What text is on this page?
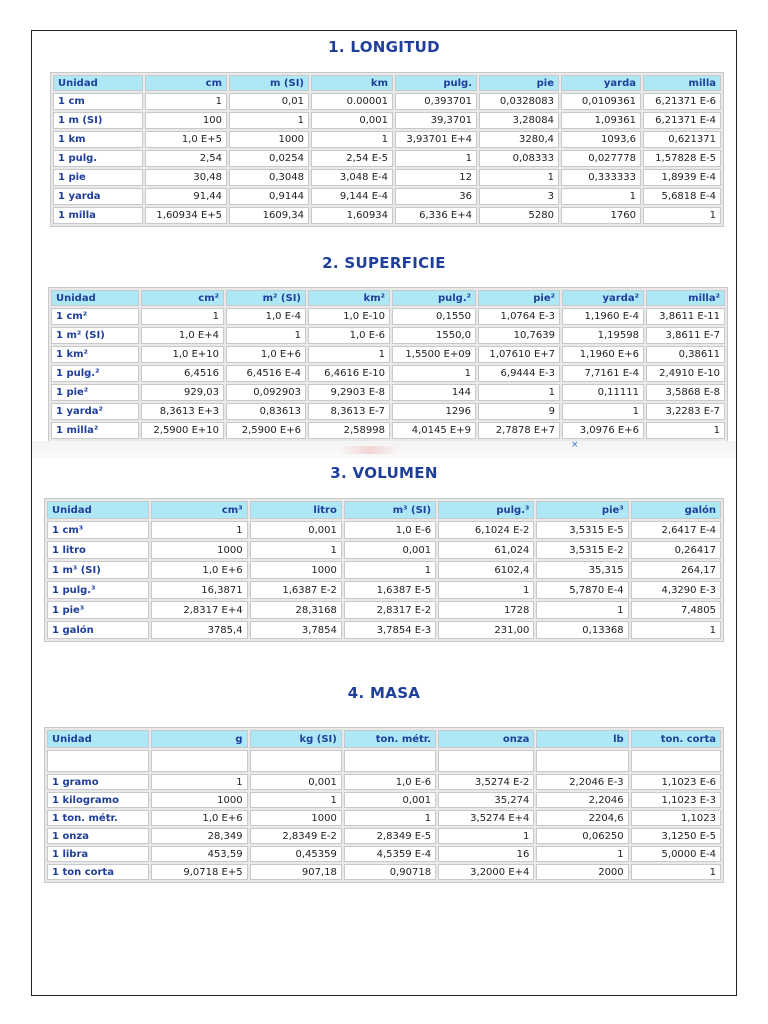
1. LONGITUD
Unidad	cm	m (SI)	km	pulg.	pie	yarda	milla
1 cm	1	0,01	0.00001	0,393701	0,0328083	0,0109361	6,21371 E-6
1 m (SI)	100	1	0,001	39,3701	3,28084	1,09361	6,21371 E-4
1 km	1,0 E+5	1000	1	3,93701 E+4	3280,4	1093,6	0,621371
1 pulg.	2,54	0,0254	2,54 E-5	1	0,08333	0,027778	1,57828 E-5
1 pie	30,48	0,3048	3,048 E-4	12	1	0,333333	1,8939 E-4
1 yarda	91,44	0,9144	9,144 E-4	36	3	1	5,6818 E-4
1 milla	1,60934 E+5	1609,34	1,60934	6,336 E+4	5280	1760	1
2. SUPERFICIE
Unidad	cm²	m² (SI)	km²	pulg.²	pie²	yarda²	milla²
1 cm²	1	1,0 E-4	1,0 E-10	0,1550	1,0764 E-3	1,1960 E-4	3,8611 E-11
1 m² (SI)	1,0 E+4	1	1,0 E-6	1550,0	10,7639	1,19598	3,8611 E-7
1 km²	1,0 E+10	1,0 E+6	1	1,5500 E+09	1,07610 E+7	1,1960 E+6	0,38611
1 pulg.²	6,4516	6,4516 E-4	6,4616 E-10	1	6,9444 E-3	7,7161 E-4	2,4910 E-10
1 pie²	929,03	0,092903	9,2903 E-8	144	1	0,11111	3,5868 E-8
1 yarda²	8,3613 E+3	0,83613	8,3613 E-7	1296	9	1	3,2283 E-7
1 milla²	2,5900 E+10	2,5900 E+6	2,58998	4,0145 E+9	2,7878 E+7	3,0976 E+6	1
×
3. VOLUMEN
Unidad	cm³	litro	m³ (SI)	pulg.³	pie³	galón
1 cm³	1	0,001	1,0 E-6	6,1024 E-2	3,5315 E-5	2,6417 E-4
1 litro	1000	1	0,001	61,024	3,5315 E-2	0,26417
1 m³ (SI)	1,0 E+6	1000	1	6102,4	35,315	264,17
1 pulg.³	16,3871	1,6387 E-2	1,6387 E-5	1	5,7870 E-4	4,3290 E-3
1 pie³	2,8317 E+4	28,3168	2,8317 E-2	1728	1	7,4805
1 galón	3785,4	3,7854	3,7854 E-3	231,00	0,13368	1
4. MASA
Unidad	g	kg (SI)	ton. métr.	onza	lb	ton. corta

1 gramo	1	0,001	1,0 E-6	3,5274 E-2	2,2046 E-3	1,1023 E-6
1 kilogramo	1000	1	0,001	35,274	2,2046	1,1023 E-3
1 ton. métr.	1,0 E+6	1000	1	3,5274 E+4	2204,6	1,1023
1 onza	28,349	2,8349 E-2	2,8349 E-5	1	0,06250	3,1250 E-5
1 libra	453,59	0,45359	4,5359 E-4	16	1	5,0000 E-4
1 ton corta	9,0718 E+5	907,18	0,90718	3,2000 E+4	2000	1
